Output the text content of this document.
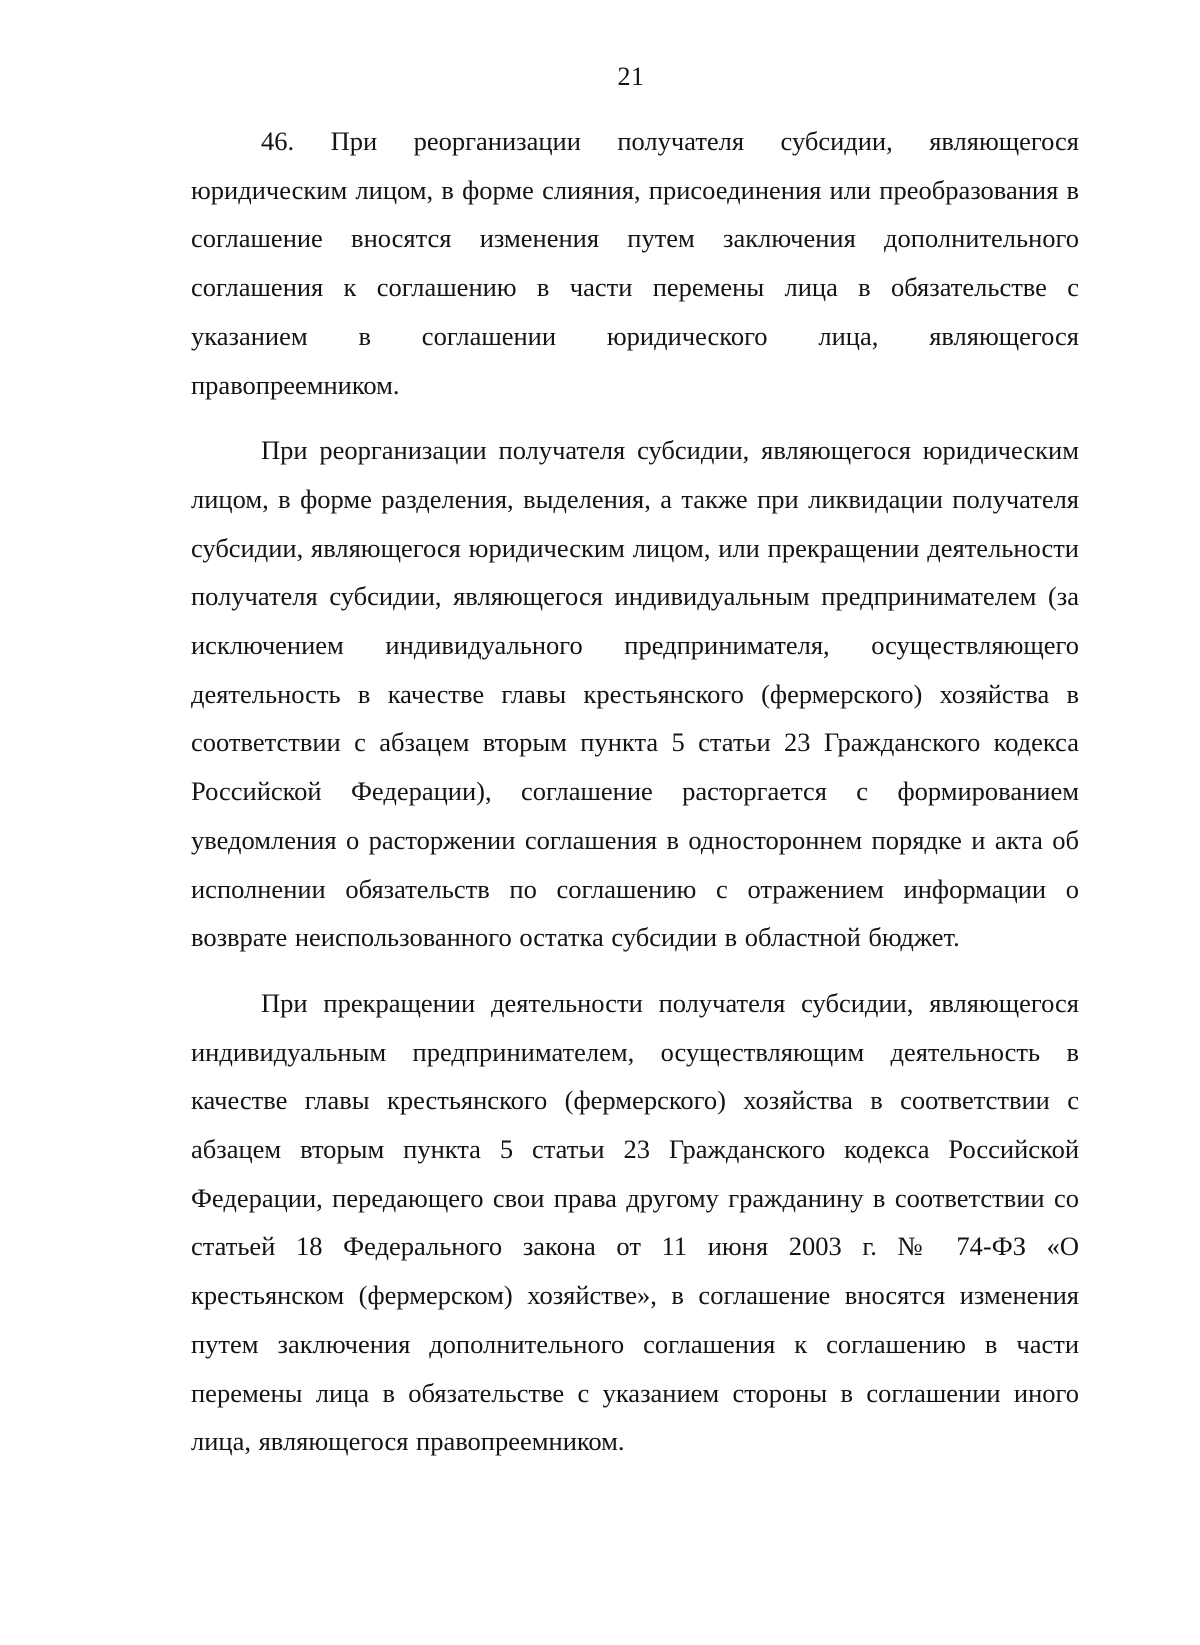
21

46. При реорганизации получателя субсидии, являющегося юридическим лицом, в форме слияния, присоединения или преобразования в соглашение вносятся изменения путем заключения дополнительного соглашения к соглашению в части перемены лица в обязательстве с указанием в соглашении юридического лица, являющегося правопреемником.

При реорганизации получателя субсидии, являющегося юридическим лицом, в форме разделения, выделения, а также при ликвидации получателя субсидии, являющегося юридическим лицом, или прекращении деятельности получателя субсидии, являющегося индивидуальным предпринимателем (за исключением индивидуального предпринимателя, осуществляющего деятельность в качестве главы крестьянского (фермерского) хозяйства в соответствии с абзацем вторым пункта 5 статьи 23 Гражданского кодекса Российской Федерации), соглашение расторгается с формированием уведомления о расторжении соглашения в одностороннем порядке и акта об исполнении обязательств по соглашению с отражением информации о возврате неиспользованного остатка субсидии в областной бюджет.

При прекращении деятельности получателя субсидии, являющегося индивидуальным предпринимателем, осуществляющим деятельность в качестве главы крестьянского (фермерского) хозяйства в соответствии с абзацем вторым пункта 5 статьи 23 Гражданского кодекса Российской Федерации, передающего свои права другому гражданину в соответствии со статьей 18 Федерального закона от 11 июня 2003 г. № 74-ФЗ «О крестьянском (фермерском) хозяйстве», в соглашение вносятся изменения путем заключения дополнительного соглашения к соглашению в части перемены лица в обязательстве с указанием стороны в соглашении иного лица, являющегося правопреемником.
